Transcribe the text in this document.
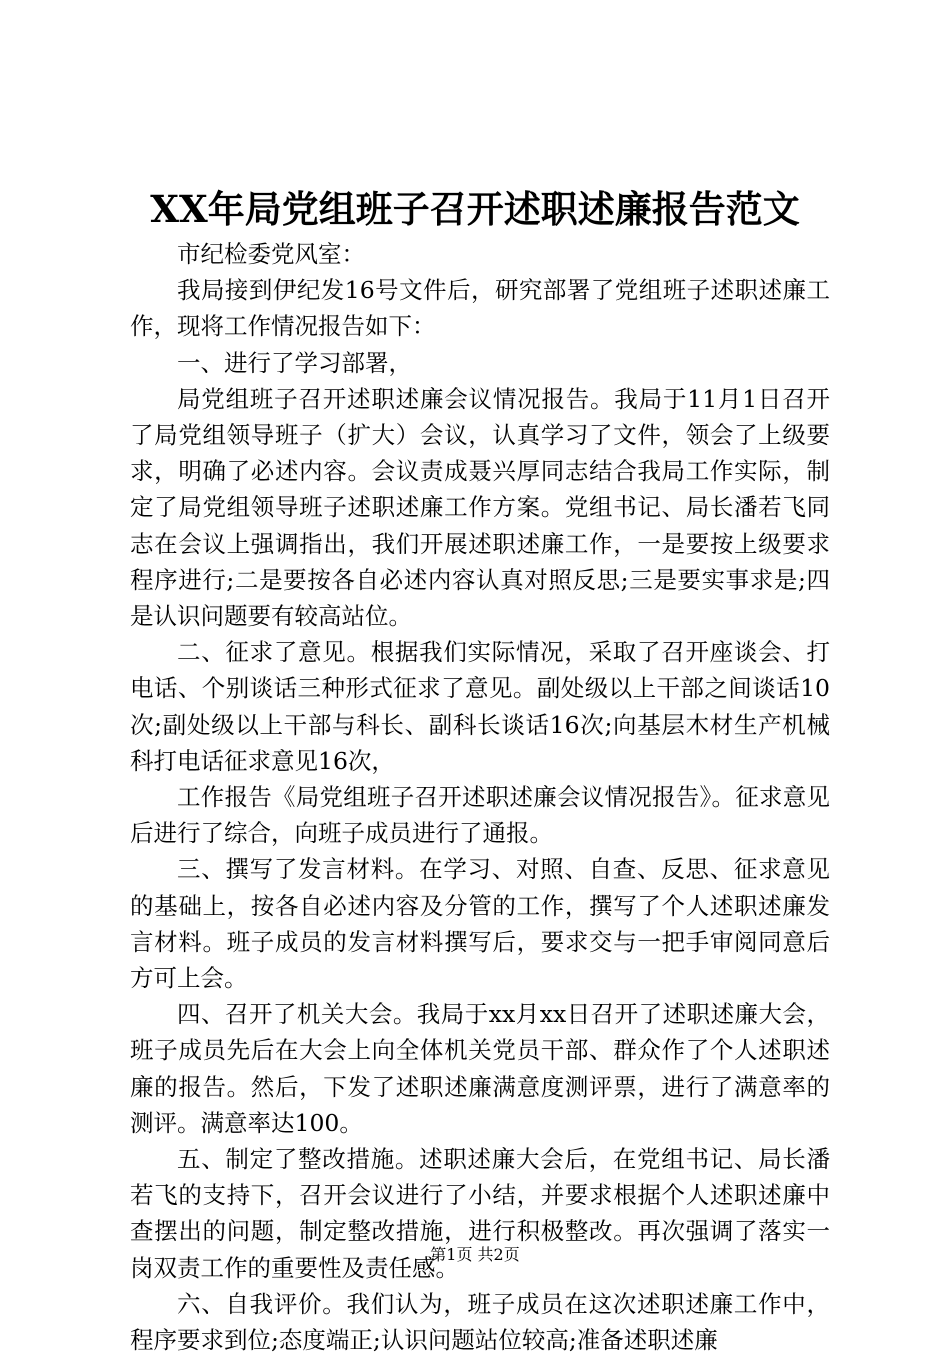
XX年局党组班子召开述职述廉报告范文

市纪检委党风室：

我局接到伊纪发16号文件后，研究部署了党组班子述职述廉工作，现将工作情况报告如下：

一、进行了学习部署，

局党组班子召开述职述廉会议情况报告。我局于11月1日召开了局党组领导班子（扩大）会议，认真学习了文件，领会了上级要求，明确了必述内容。会议责成聂兴厚同志结合我局工作实际，制定了局党组领导班子述职述廉工作方案。党组书记、局长潘若飞同志在会议上强调指出，我们开展述职述廉工作，一是要按上级要求程序进行;二是要按各自必述内容认真对照反思;三是要实事求是;四是认识问题要有较高站位。

二、征求了意见。根据我们实际情况，采取了召开座谈会、打电话、个别谈话三种形式征求了意见。副处级以上干部之间谈话10次;副处级以上干部与科长、副科长谈话16次;向基层木材生产机械科打电话征求意见16次，

工作报告《局党组班子召开述职述廉会议情况报告》。征求意见后进行了综合，向班子成员进行了通报。

三、撰写了发言材料。在学习、对照、自查、反思、征求意见的基础上，按各自必述内容及分管的工作，撰写了个人述职述廉发言材料。班子成员的发言材料撰写后，要求交与一把手审阅同意后方可上会。

四、召开了机关大会。我局于xx月xx日召开了述职述廉大会，班子成员先后在大会上向全体机关党员干部、群众作了个人述职述廉的报告。然后，下发了述职述廉满意度测评票，进行了满意率的测评。满意率达100。

五、制定了整改措施。述职述廉大会后，在党组书记、局长潘若飞的支持下，召开会议进行了小结，并要求根据个人述职述廉中查摆出的问题，制定整改措施，进行积极整改。再次强调了落实一岗双责工作的重要性及责任感。

六、自我评价。我们认为，班子成员在这次述职述廉工作中，程序要求到位;态度端正;认识问题站位较高;准备述职述廉

第1页 共2页
